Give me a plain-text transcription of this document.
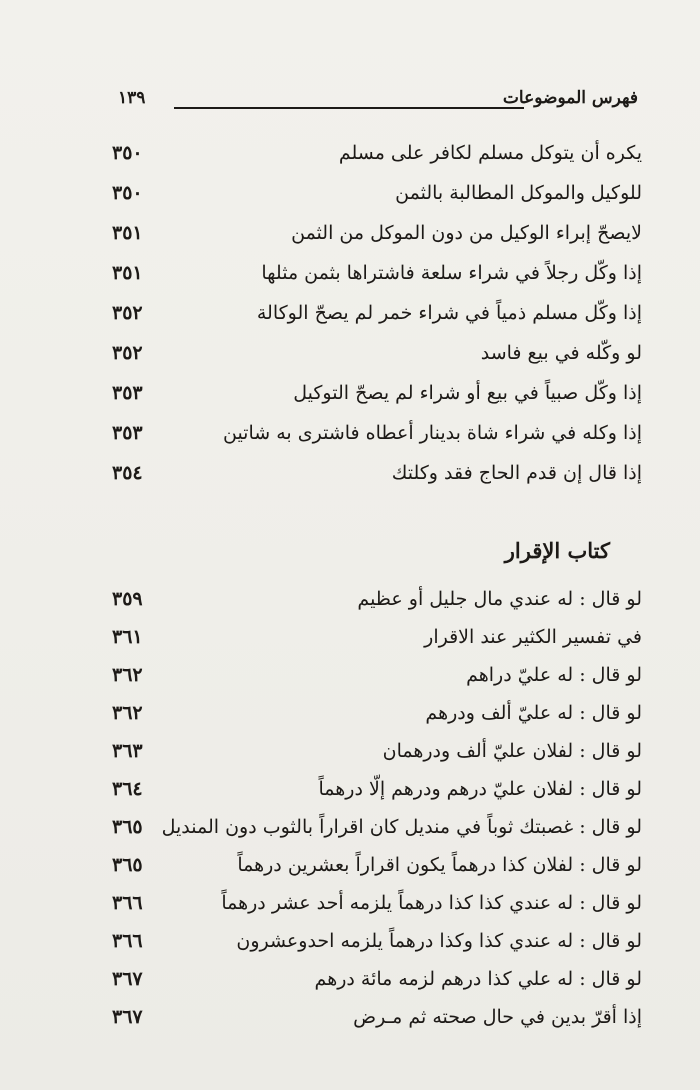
فهرس الموضوعات
١٣٩
يكره أن يتوكل مسلم لكافر على مسلم
٣٥٠
للوكيل والموكل المطالبة بالثمن
٣٥٠
لايصحّ إبراء الوكيل من دون الموكل من الثمن
٣٥١
إذا وكّل رجلاً في شراء سلعة فاشتراها بثمن مثلها
٣٥١
إذا وكّل مسلم ذمياً في شراء خمر لم يصحّ الوكالة
٣٥٢
لو وكّله في بيع فاسد
٣٥٢
إذا وكّل صبياً في بيع أو شراء لم يصحّ التوكيل
٣٥٣
إذا وكله في شراء شاة بدينار أعطاه فاشترى به شاتين
٣٥٣
إذا قال إن قدم الحاج فقد وكلتك
٣٥٤
كتاب الإقرار
لو قال : له عندي مال جليل أو عظيم
٣٥٩
في تفسير الكثير عند الاقرار
٣٦١
لو قال : له عليّ دراهم
٣٦٢
لو قال : له عليّ ألف ودرهم
٣٦٢
لو قال : لفلان عليّ ألف ودرهمان
٣٦٣
لو قال : لفلان عليّ درهم ودرهم إلّا درهماً
٣٦٤
لو قال : غصبتك ثوباً في منديل كان اقراراً بالثوب دون المنديل
٣٦٥
لو قال : لفلان كذا درهماً يكون اقراراً بعشرين درهماً
٣٦٥
لو قال : له عندي كذا كذا درهماً يلزمه أحد عشر درهماً
٣٦٦
لو قال : له عندي كذا وكذا درهماً يلزمه احدوعشرون
٣٦٦
لو قال : له علي كذا درهم لزمه مائة درهم
٣٦٧
إذا أقرّ بدين في حال صحته ثم مـرض
٣٦٧
